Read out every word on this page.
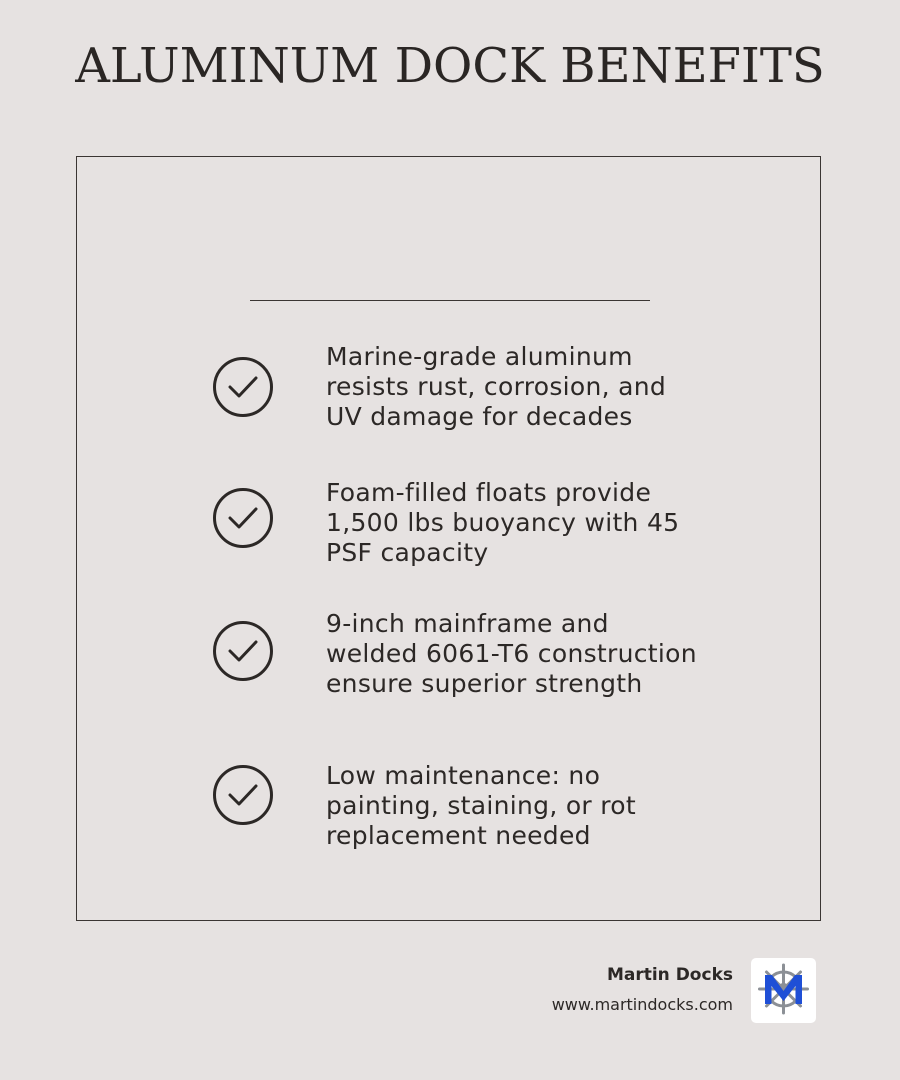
ALUMINUM DOCK BENEFITS
Marine-grade aluminum
resists rust, corrosion, and
UV damage for decades
Foam-filled floats provide
1,500 lbs buoyancy with 45
PSF capacity
9-inch mainframe and
welded 6061-T6 construction
ensure superior strength
Low maintenance: no
painting, staining, or rot
replacement needed
Martin Docks
www.martindocks.com
